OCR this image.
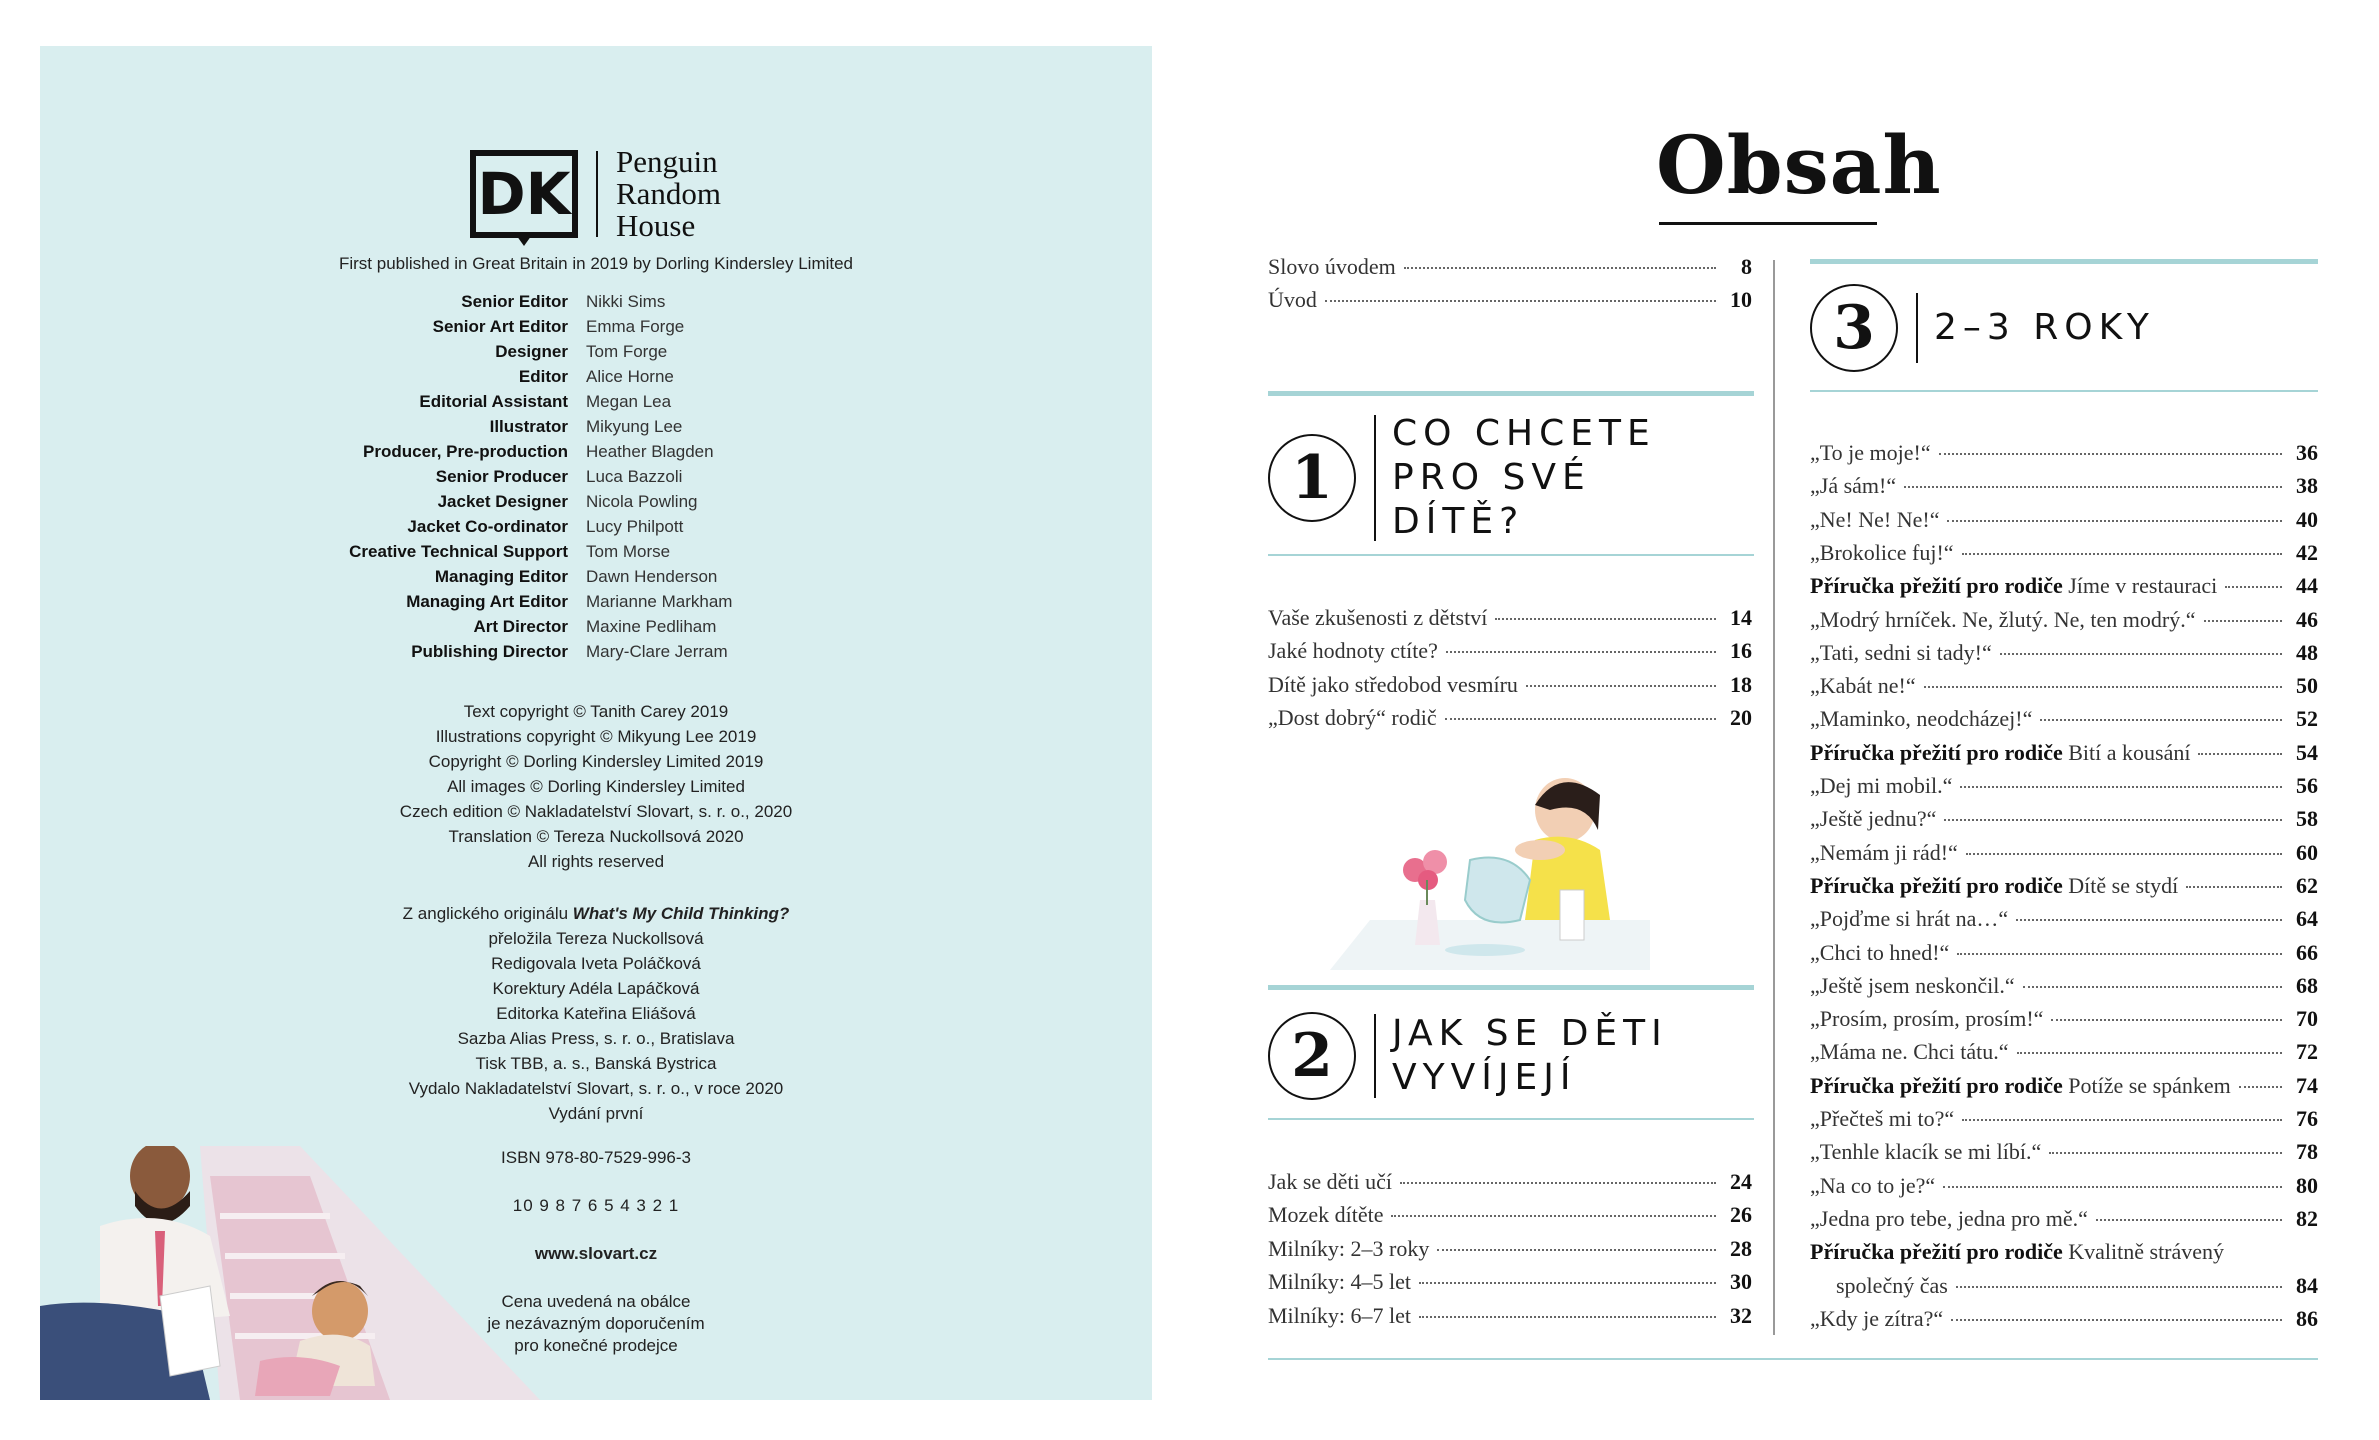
DK Penguin
Random
House
First published in Great Britain in 2019 by Dorling Kindersley Limited
Senior Editor	Nikki Sims
Senior Art Editor	Emma Forge
Designer	Tom Forge
Editor	Alice Horne
Editorial Assistant	Megan Lea
Illustrator	Mikyung Lee
Producer, Pre-production	Heather Blagden
Senior Producer	Luca Bazzoli
Jacket Designer	Nicola Powling
Jacket Co-ordinator	Lucy Philpott
Creative Technical Support	Tom Morse
Managing Editor	Dawn Henderson
Managing Art Editor	Marianne Markham
Art Director	Maxine Pedliham
Publishing Director	Mary-Clare Jerram
Text copyright © Tanith Carey 2019
Illustrations copyright © Mikyung Lee 2019
Copyright © Dorling Kindersley Limited 2019
All images © Dorling Kindersley Limited
Czech edition © Nakladatelství Slovart, s. r. o., 2020
Translation © Tereza Nuckollsová 2020
All rights reserved
Z anglického originálu What's My Child Thinking?
přeložila Tereza Nuckollsová
Redigovala Iveta Poláčková
Korektury Adéla Lapáčková
Editorka Kateřina Eliášová
Sazba Alias Press, s. r. o., Bratislava
Tisk TBB, a. s., Banská Bystrica
Vydalo Nakladatelství Slovart, s. r. o., v roce 2020
Vydání první
ISBN 978-80-7529-996-3
10 9 8 7 6 5 4 3 2 1
www.slovart.cz
Cena uvedená na obálce
je nezávazným doporučením
pro konečné prodejce
Obsah
Slovo úvodem	8
Úvod	10
1
CO CHCETE
PRO SVÉ
DÍTĚ?
Vaše zkušenosti z dětství	14
Jaké hodnoty ctíte?	16
Dítě jako středobod vesmíru	18
„Dost dobrý“ rodič	20
2	JAK SE DĚTI
VYVÍJEJÍ
Jak se děti učí	24
Mozek dítěte	26
Milníky: 2–3 roky	28
Milníky: 4–5 let	30
Milníky: 6–7 let	32
3	2–3 ROKY
„To je moje!“	36
„Já sám!“	38
„Ne! Ne! Ne!“	40
„Brokolice fuj!“	42
Příručka přežití pro rodiče Jíme v restauraci	44
„Modrý hrníček. Ne, žlutý. Ne, ten modrý.“	46
„Tati, sedni si tady!“	48
„Kabát ne!“	50
„Maminko, neodcházej!“	52
Příručka přežití pro rodiče Bití a kousání	54
„Dej mi mobil.“	56
„Ještě jednu?“	58
„Nemám ji rád!“	60
Příručka přežití pro rodiče Dítě se stydí	62
„Pojďme si hrát na…“	64
„Chci to hned!“	66
„Ještě jsem neskončil.“	68
„Prosím, prosím, prosím!“	70
„Máma ne. Chci tátu.“	72
Příručka přežití pro rodiče Potíže se spánkem	74
„Přečteš mi to?“	76
„Tenhle klacík se mi líbí.“	78
„Na co to je?“	80
„Jedna pro tebe, jedna pro mě.“	82
Příručka přežití pro rodiče Kvalitně strávený
společný čas	84
„Kdy je zítra?“	86
